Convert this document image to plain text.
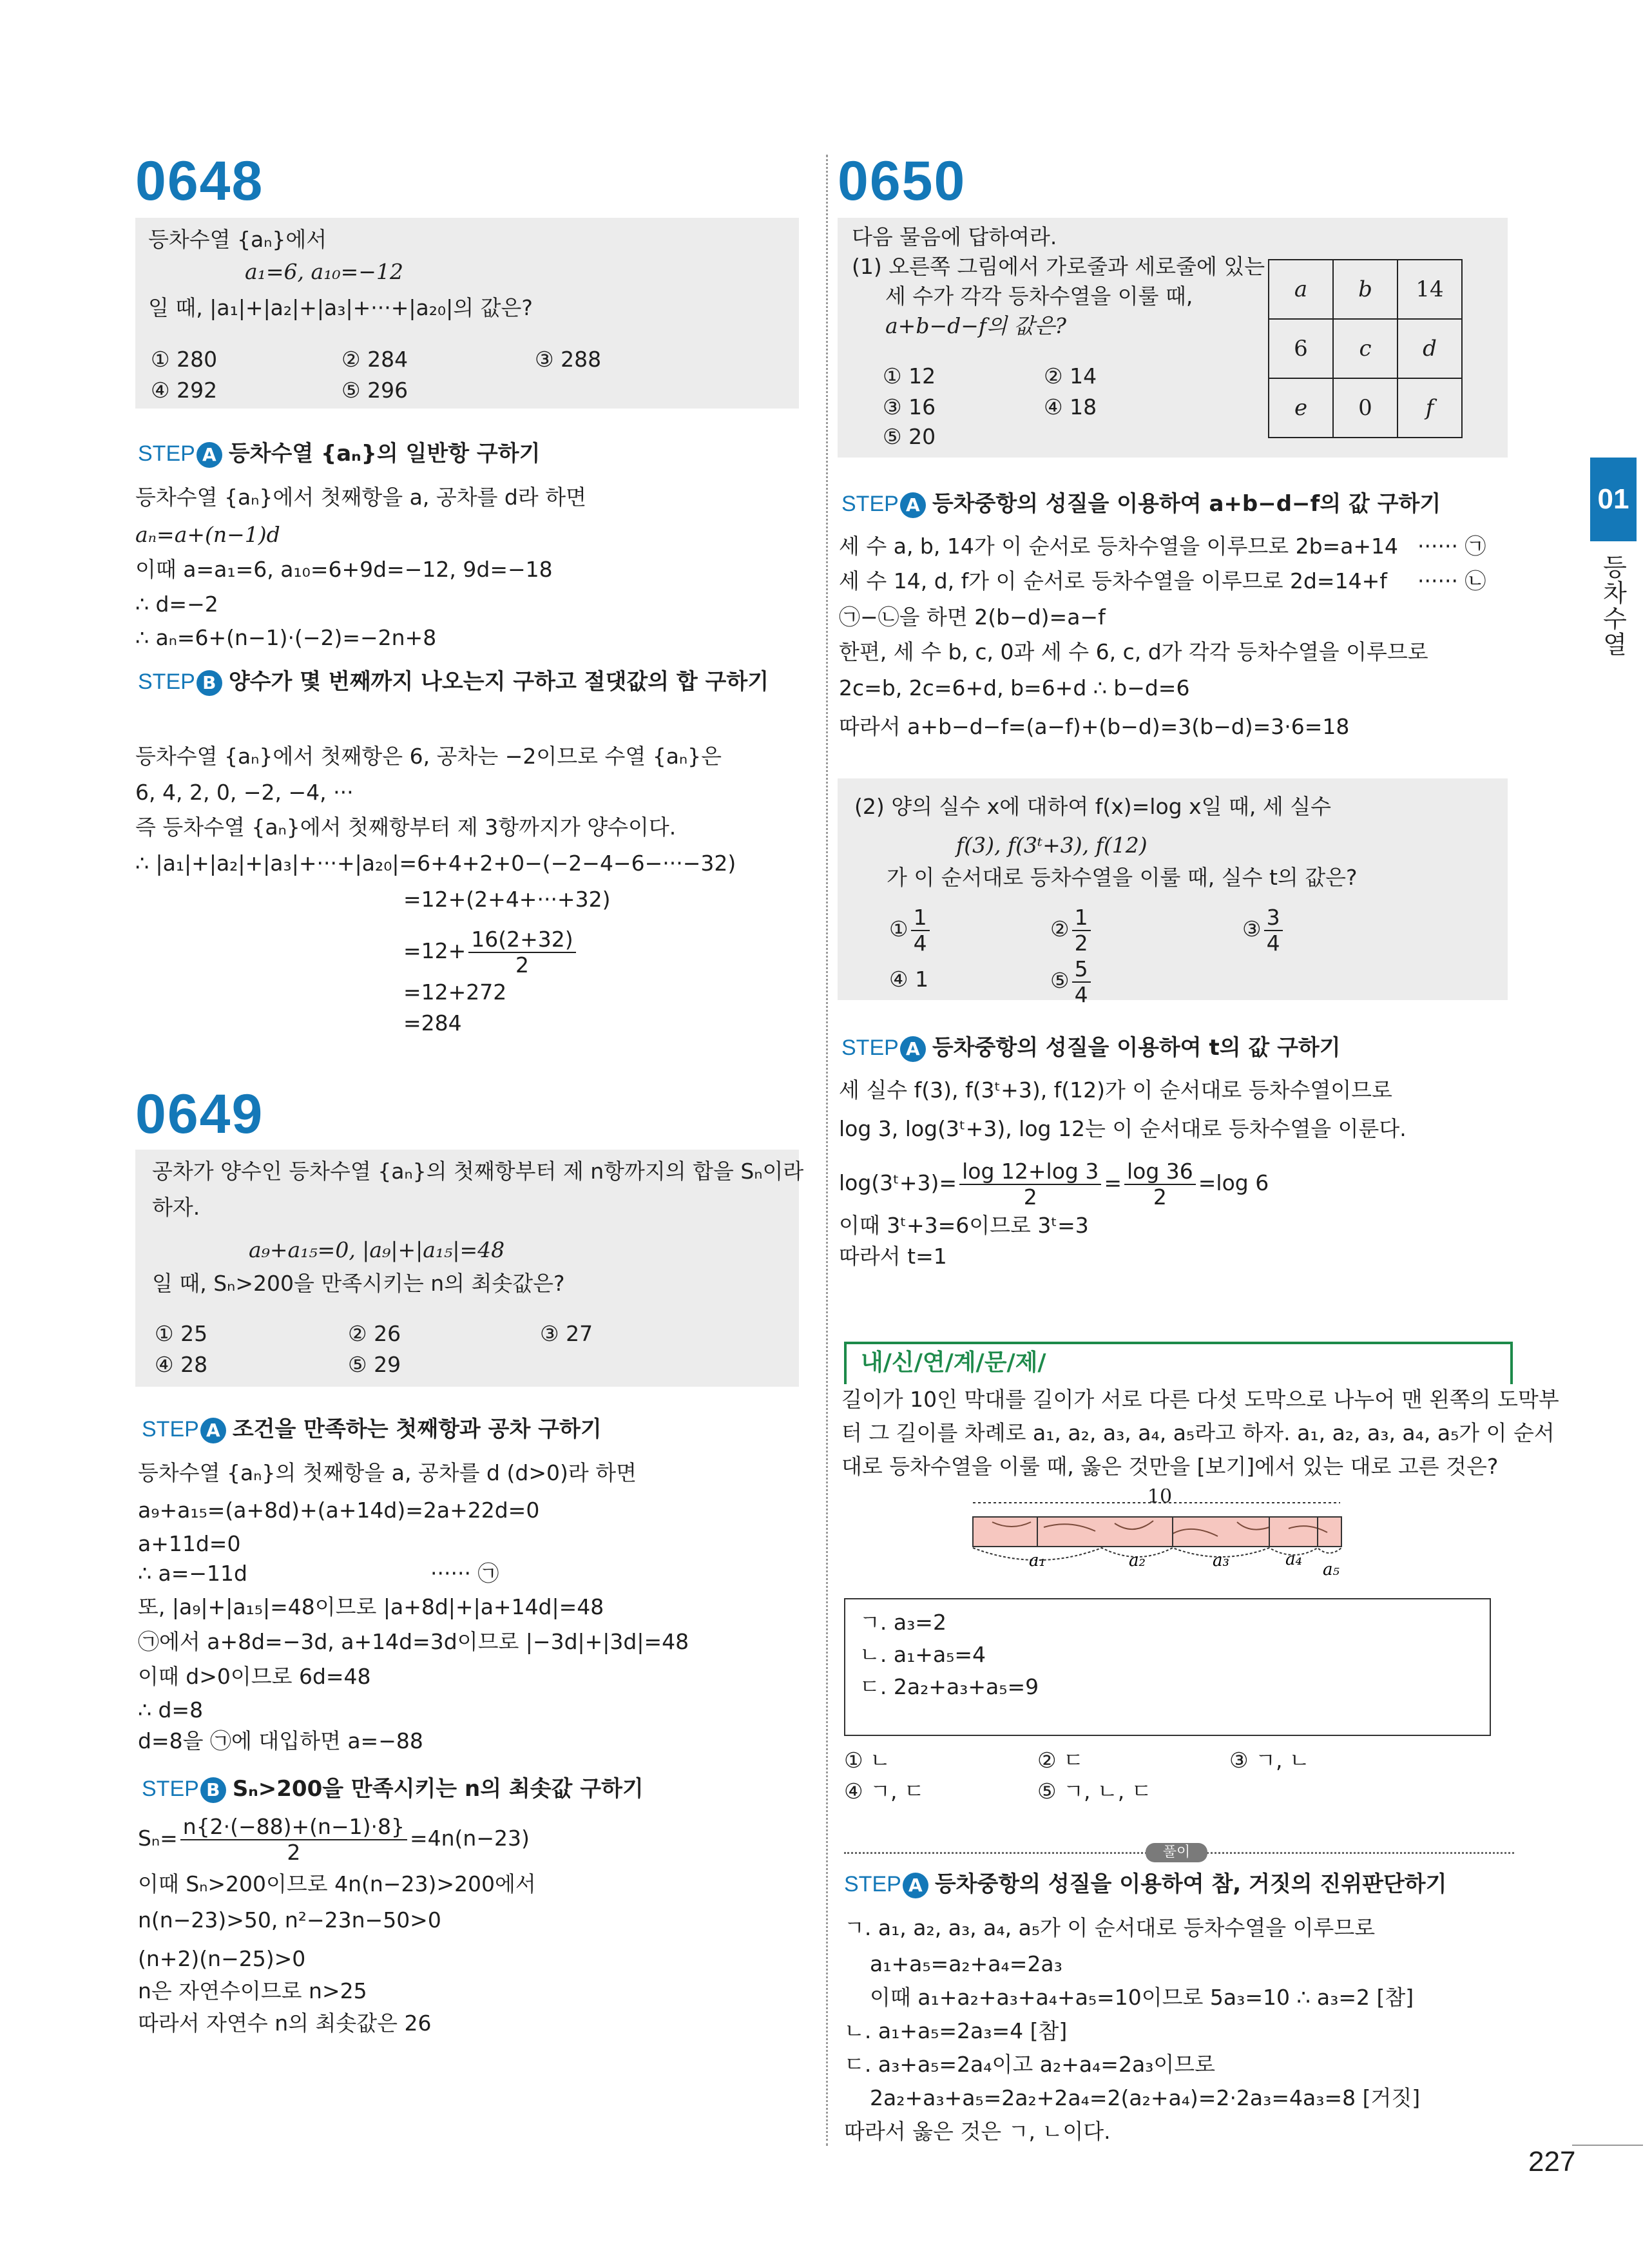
0648
등차수열 {aₙ}에서
a₁=6, a₁₀=−12
일 때, |a₁|+|a₂|+|a₃|+···+|a₂₀|의 값은?
① 280	② 284	③ 288
④ 292	⑤ 296
STEP A 등차수열 {aₙ}의 일반항 구하기
등차수열 {aₙ}에서 첫째항을 a, 공차를 d라 하면
aₙ=a+(n−1)d
이때 a=a₁=6, a₁₀=6+9d=−12, 9d=−18
∴ d=−2
∴ aₙ=6+(n−1)·(−2)=−2n+8
STEP B 양수가 몇 번째까지 나오는지 구하고 절댓값의 합 구하기
등차수열 {aₙ}에서 첫째항은 6, 공차는 −2이므로 수열 {aₙ}은
6, 4, 2, 0, −2, −4, ···
즉 등차수열 {aₙ}에서 첫째항부터 제 3항까지가 양수이다.
∴ |a₁|+|a₂|+|a₃|+···+|a₂₀|=6+4+2+0−(−2−4−6−···−32)
=12+(2+4+···+32)
$=12+ \frac{16(2+32)}{2}$
=12+272
=284
0649
공차가 양수인 등차수열 {aₙ}의 첫째항부터 제 n항까지의 합을 Sₙ이라
하자.
a₉+a₁₅=0, |a₉|+|a₁₅|=48
일 때, Sₙ>200을 만족시키는 n의 최솟값은?
① 25	② 26	③ 27
④ 28	⑤ 29
STEP A 조건을 만족하는 첫째항과 공차 구하기
등차수열 {aₙ}의 첫째항을 a, 공차를 d (d>0)라 하면
a₉+a₁₅=(a+8d)+(a+14d)=2a+22d=0
a+11d=0
∴ a=−11d	······ ㉠
또, |a₉|+|a₁₅|=48이므로 |a+8d|+|a+14d|=48
㉠에서 a+8d=−3d, a+14d=3d이므로 |−3d|+|3d|=48
이때 d>0이므로 6d=48
∴ d=8
d=8을 ㉠에 대입하면 a=−88
STEP B Sₙ>200을 만족시키는 n의 최솟값 구하기
$S_n= \frac{n\{2\cdot(-88)+(n-1)\cdot 8\}}{2} =4n(n-23)$
이때 Sₙ>200이므로 4n(n−23)>200에서
n(n−23)>50, n²−23n−50>0
(n+2)(n−25)>0
n은 자연수이므로 n>25
따라서 자연수 n의 최솟값은 26
0650
다음 물음에 답하여라.
(1) 오른쪽 그림에서 가로줄과 세로줄에 있는
세 수가 각각 등차수열을 이룰 때,
a+b−d−f의 값은?
a	b	14
6	c	d
e	0	f
① 12	② 14
③ 16	④ 18
⑤ 20
STEP A 등차중항의 성질을 이용하여 a+b−d−f의 값 구하기
세 수 a, b, 14가 이 순서로 등차수열을 이루므로 2b=a+14 ······ ㉠
세 수 14, d, f가 이 순서로 등차수열을 이루므로 2d=14+f ······ ㉡
㉠−㉡을 하면 2(b−d)=a−f
한편, 세 수 b, c, 0과 세 수 6, c, d가 각각 등차수열을 이루므로
2c=b, 2c=6+d, b=6+d ∴ b−d=6
따라서 a+b−d−f=(a−f)+(b−d)=3(b−d)=3·6=18
(2) 양의 실수 x에 대하여 f(x)=log x일 때, 세 실수
f(3), f(3ᵗ+3), f(12)
가 이 순서대로 등차수열을 이룰 때, 실수 t의 값은?
① $\frac{1}{4}$	② $\frac{1}{2}$	③ $\frac{3}{4}$
④ 1	⑤ $\frac{5}{4}$
STEP A 등차중항의 성질을 이용하여 t의 값 구하기
세 실수 f(3), f(3ᵗ+3), f(12)가 이 순서대로 등차수열이므로
log 3, log(3ᵗ+3), log 12는 이 순서대로 등차수열을 이룬다.
log(3ᵗ+3)= $\frac{\log 12+\log 3}{2} = \frac{\log 36}{2} =\log$ 6
이때 3ᵗ+3=6이므로 3ᵗ=3
따라서 t=1
내/신/연/계/문/제/
길이가 10인 막대를 길이가 서로 다른 다섯 도막으로 나누어 맨 왼쪽의 도막부
터 그 길이를 차례로 a₁, a₂, a₃, a₄, a₅라고 하자. a₁, a₂, a₃, a₄, a₅가 이 순서
대로 등차수열을 이룰 때, 옳은 것만을 [보기]에서 있는 대로 고른 것은?
10
a₁	a₂	a₃	a₄
a₅
ㄱ. a₃=2
ㄴ. a₁+a₅=4
ㄷ. 2a₂+a₃+a₅=9
① ㄴ	② ㄷ	③ ㄱ, ㄴ
④ ㄱ, ㄷ	⑤ ㄱ, ㄴ, ㄷ
풀이
STEP A 등차중항의 성질을 이용하여 참, 거짓의 진위판단하기
ㄱ. a₁, a₂, a₃, a₄, a₅가 이 순서대로 등차수열을 이루므로
a₁+a₅=a₂+a₄=2a₃
이때 a₁+a₂+a₃+a₄+a₅=10이므로 5a₃=10 ∴ a₃=2 [참]
ㄴ. a₁+a₅=2a₃=4 [참]
ㄷ. a₃+a₅=2a₄이고 a₂+a₄=2a₃이므로
2a₂+a₃+a₅=2a₂+2a₄=2(a₂+a₄)=2·2a₃=4a₃=8 [거짓]
따라서 옳은 것은 ㄱ, ㄴ이다.
01
등차수열
227
